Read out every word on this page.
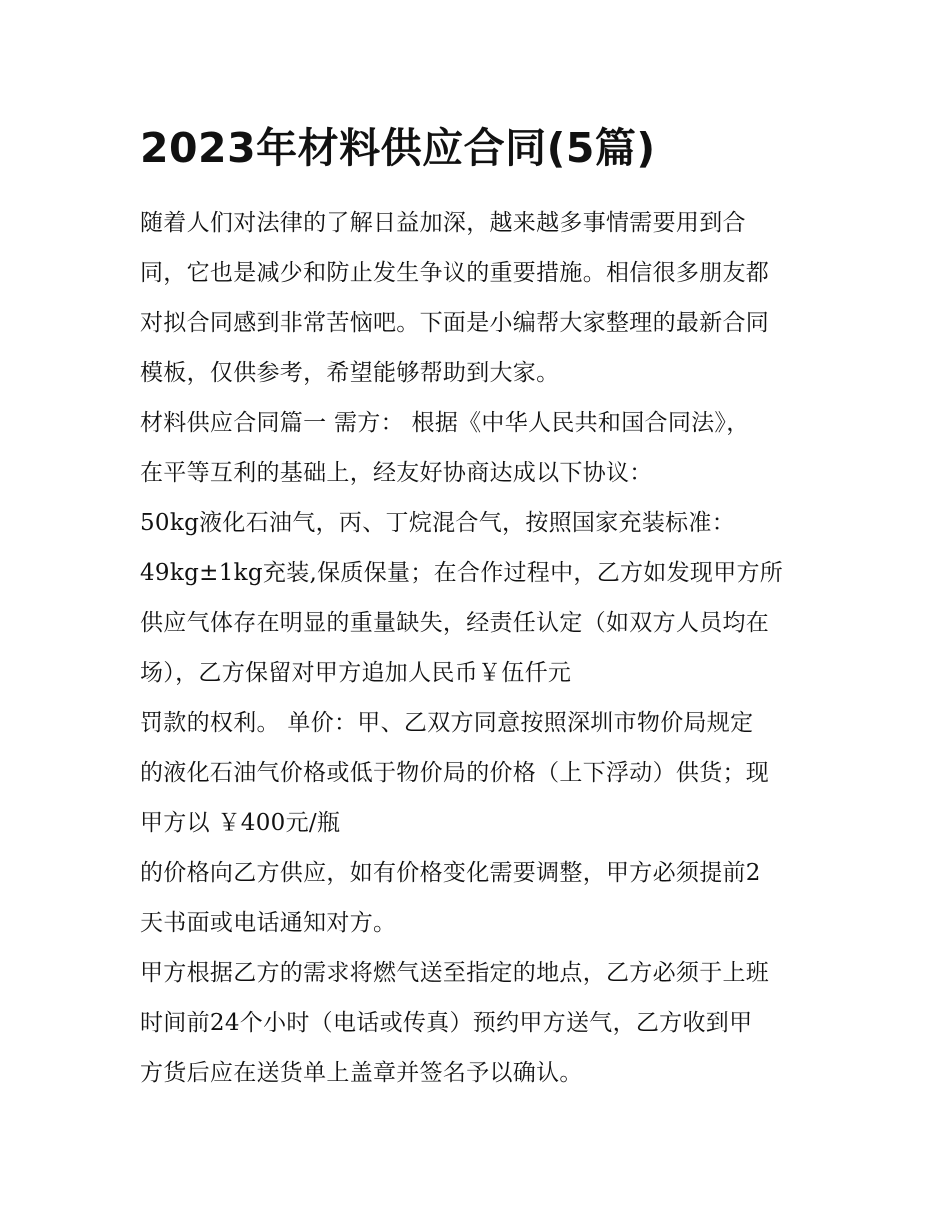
2023年材料供应合同(5篇)

随着人们对法律的了解日益加深，越来越多事情需要用到合
同，它也是减少和防止发生争议的重要措施。相信很多朋友都
对拟合同感到非常苦恼吧。下面是小编帮大家整理的最新合同
模板，仅供参考，希望能够帮助到大家。

材料供应合同篇一 需方： 根据《中华人民共和国合同法》，
在平等互利的基础上，经友好协商达成以下协议：

50kg液化石油气，丙、丁烷混合气，按照国家充装标准：
49kg±1kg充装,保质保量；在合作过程中，乙方如发现甲方所
供应气体存在明显的重量缺失，经责任认定（如双方人员均在
场），乙方保留对甲方追加人民币￥伍仟元
罚款的权利。 单价：甲、乙双方同意按照深圳市物价局规定
的液化石油气价格或低于物价局的价格（上下浮动）供货；现
甲方以 ￥400元/瓶
的价格向乙方供应，如有价格变化需要调整，甲方必须提前2
天书面或电话通知对方。

甲方根据乙方的需求将燃气送至指定的地点，乙方必须于上班
时间前24个小时（电话或传真）预约甲方送气，乙方收到甲
方货后应在送货单上盖章并签名予以确认。
